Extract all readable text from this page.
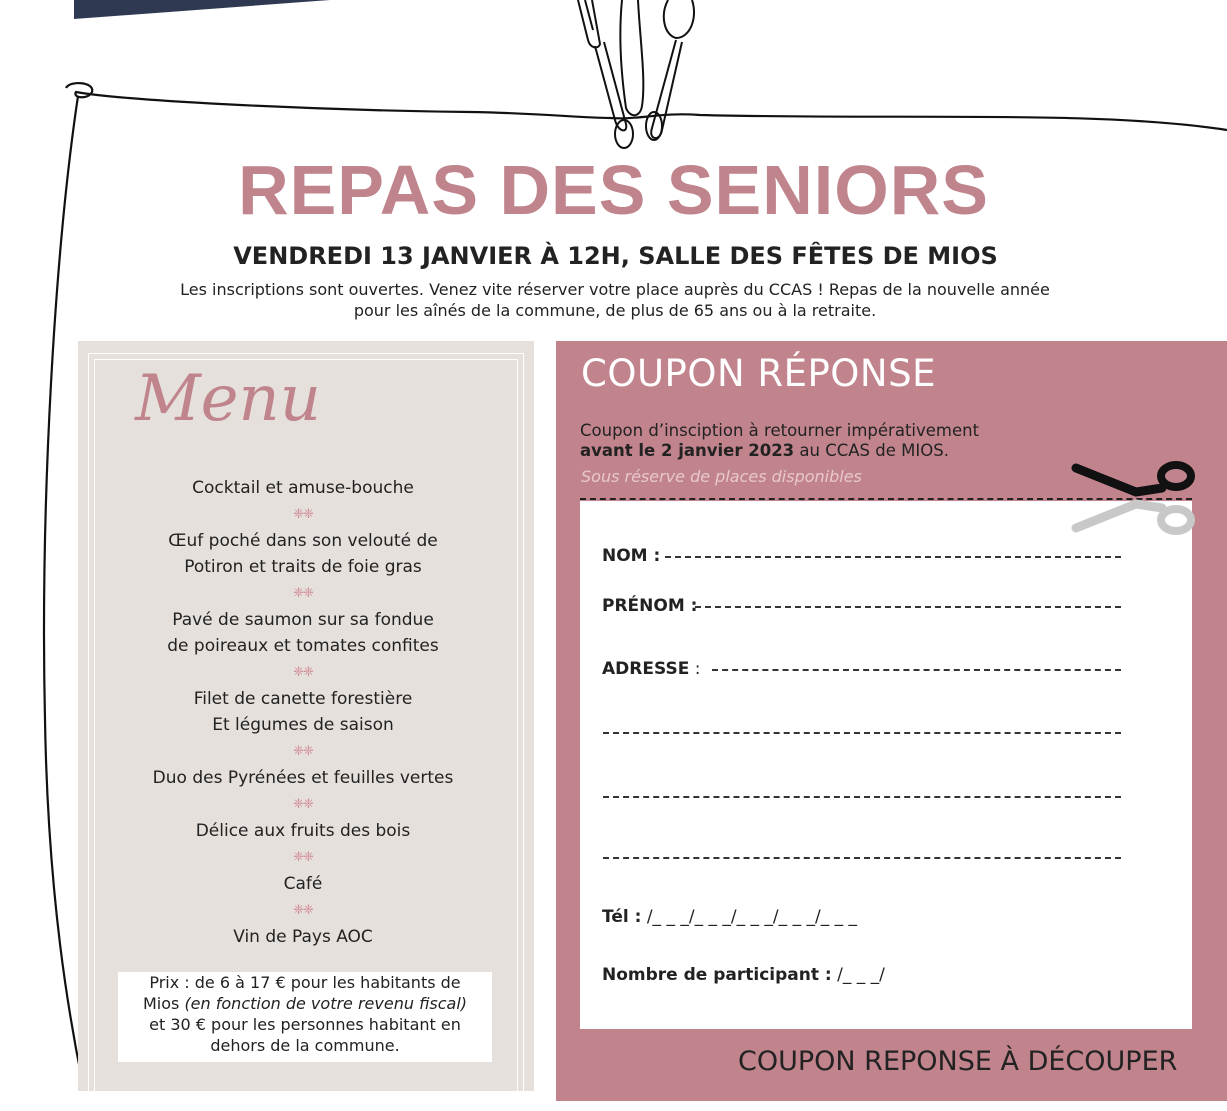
REPAS DES SENIORS
VENDREDI 13 JANVIER À 12H, SALLE DES FÊTES DE MIOS
Les inscriptions sont ouvertes. Venez vite réserver votre place auprès du CCAS ! Repas de la nouvelle année
pour les aînés de la commune, de plus de 65 ans ou à la retraite.
Menu
Cocktail et amuse-bouche
❈❈
Œuf poché dans son velouté de
Potiron et traits de foie gras
❈❈
Pavé de saumon sur sa fondue
de poireaux et tomates confites
❈❈
Filet de canette forestière
Et légumes de saison
❈❈
Duo des Pyrénées et feuilles vertes
❈❈
Délice aux fruits des bois
❈❈
Café
❈❈
Vin de Pays AOC
Prix : de 6 à 17 € pour les habitants de
Mios (en fonction de votre revenu fiscal)
et 30 € pour les personnes habitant en
dehors de la commune.
COUPON RÉPONSE
Coupon d’insciption à retourner impérativement
avant le 2 janvier 2023 au CCAS de MIOS.
Sous réserve de places disponibles
NOM :
PRÉNOM :
ADRESSE :
Tél : /_ _ _/_ _ _/_ _ _/_ _ _/_ _ _
Nombre de participant : /_ _ _/
COUPON REPONSE À DÉCOUPER
